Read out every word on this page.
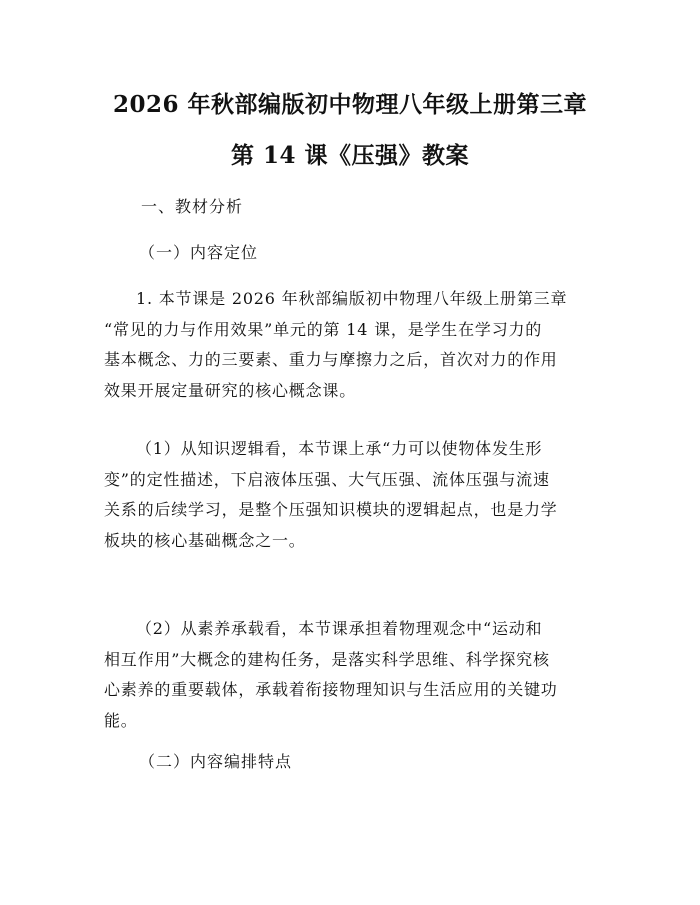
2026 年秋部编版初中物理八年级上册第三章
第 14 课《压强》教案
一、教材分析
（一）内容定位
1. 本节课是 2026 年秋部编版初中物理八年级上册第三章
“常见的力与作用效果”单元的第 14 课，是学生在学习力的
基本概念、力的三要素、重力与摩擦力之后，首次对力的作用
效果开展定量研究的核心概念课。
（1）从知识逻辑看，本节课上承“力可以使物体发生形
变”的定性描述，下启液体压强、大气压强、流体压强与流速
关系的后续学习，是整个压强知识模块的逻辑起点，也是力学
板块的核心基础概念之一。
（2）从素养承载看，本节课承担着物理观念中“运动和
相互作用”大概念的建构任务，是落实科学思维、科学探究核
心素养的重要载体，承载着衔接物理知识与生活应用的关键功
能。
（二）内容编排特点
